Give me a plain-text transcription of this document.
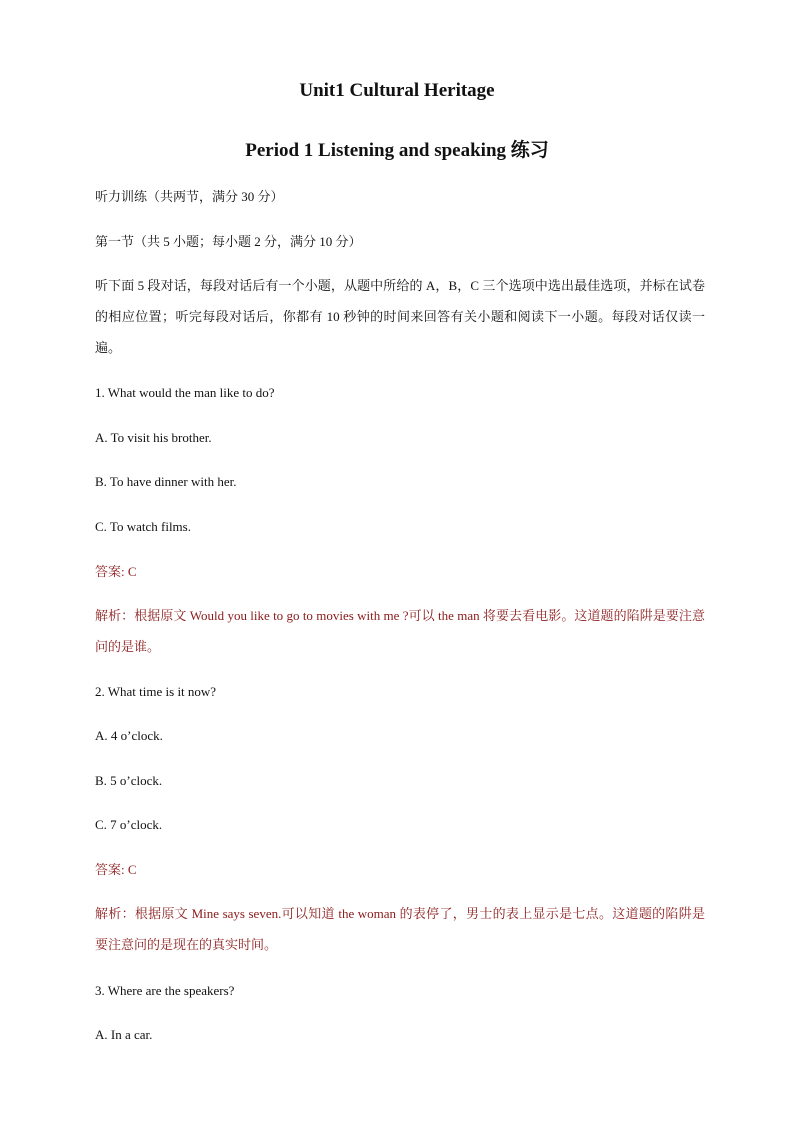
Unit1 Cultural Heritage
Period 1 Listening and speaking 练习
听力训练（共两节，满分 30 分）
第一节（共 5 小题；每小题 2 分，满分 10 分）
听下面 5 段对话，每段对话后有一个小题，从题中所给的 A，B，C 三个选项中选出最佳选项，并标在试卷的相应位置；听完每段对话后，你都有 10 秒钟的时间来回答有关小题和阅读下一小题。每段对话仅读一遍。
1. What would the man like to do?
A. To visit his brother.
B. To have dinner with her.
C. To watch films.
答案: C
解析：根据原文 Would you like to go to movies with me ?可以 the man 将要去看电影。这道题的陷阱是要注意问的是谁。
2. What time is it now?
A. 4 o’clock.
B. 5 o’clock.
C. 7 o’clock.
答案: C
解析：根据原文 Mine says seven.可以知道 the woman 的表停了，男士的表上显示是七点。这道题的陷阱是要注意问的是现在的真实时间。
3. Where are the speakers?
A. In a car.
